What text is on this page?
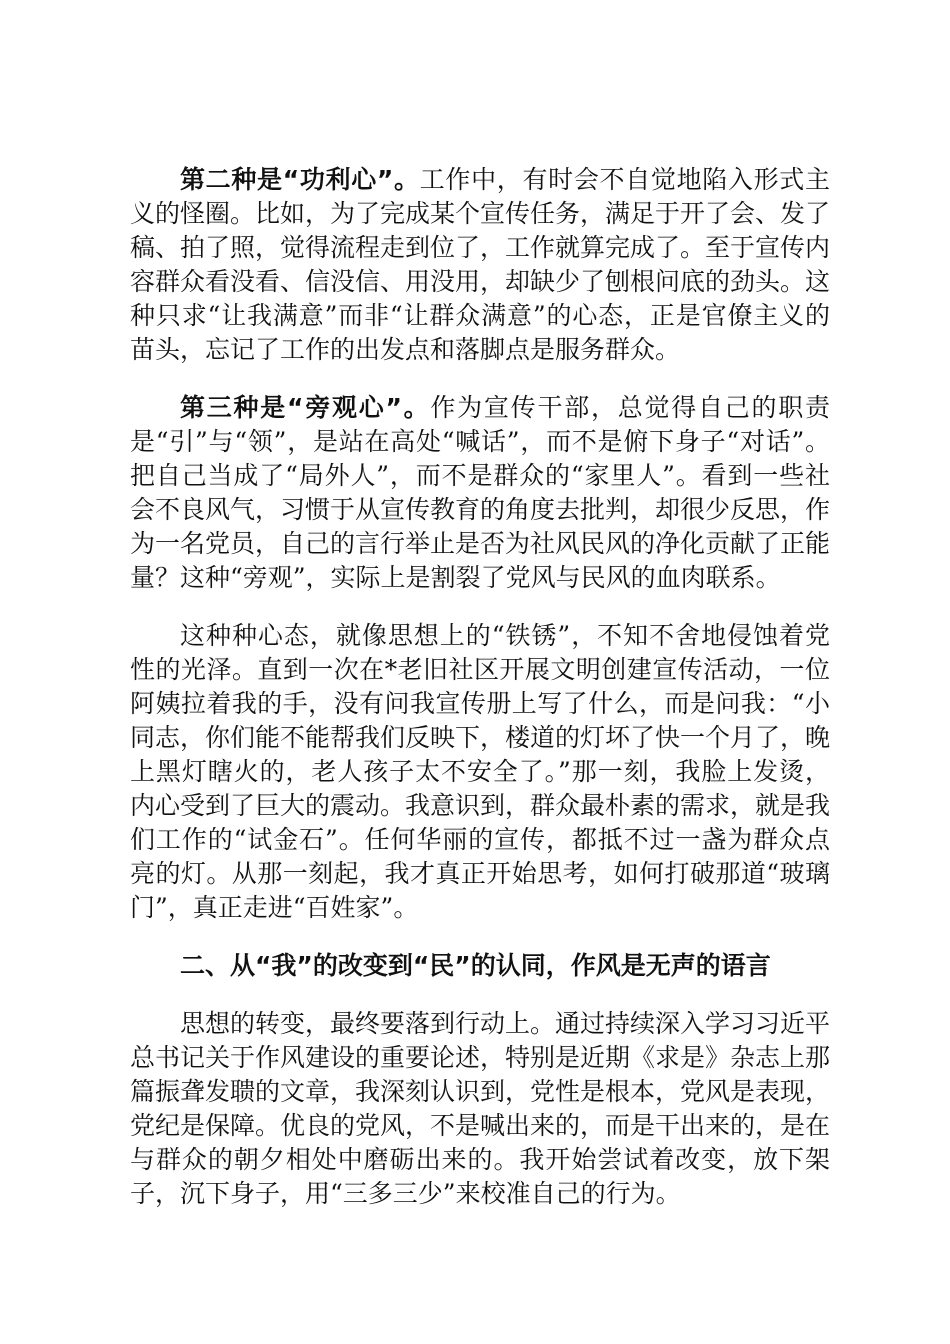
第二种是“功利心”。工作中，有时会不自觉地陷入形式主义的怪圈。比如，为了完成某个宣传任务，满足于开了会、发了稿、拍了照，觉得流程走到位了，工作就算完成了。至于宣传内容群众看没看、信没信、用没用，却缺少了刨根问底的劲头。这种只求“让我满意”而非“让群众满意”的心态，正是官僚主义的苗头，忘记了工作的出发点和落脚点是服务群众。

第三种是“旁观心”。作为宣传干部，总觉得自己的职责是“引”与“领”，是站在高处“喊话”，而不是俯下身子“对话”。把自己当成了“局外人”，而不是群众的“家里人”。看到一些社会不良风气，习惯于从宣传教育的角度去批判，却很少反思，作为一名党员，自己的言行举止是否为社风民风的净化贡献了正能量？这种“旁观”，实际上是割裂了党风与民风的血肉联系。

这种种心态，就像思想上的“铁锈”，不知不舍地侵蚀着党性的光泽。直到一次在*老旧社区开展文明创建宣传活动，一位阿姨拉着我的手，没有问我宣传册上写了什么，而是问我：“小同志，你们能不能帮我们反映下，楼道的灯坏了快一个月了，晚上黑灯瞎火的，老人孩子太不安全了。”那一刻，我脸上发烫，内心受到了巨大的震动。我意识到，群众最朴素的需求，就是我们工作的“试金石”。任何华丽的宣传，都抵不过一盏为群众点亮的灯。从那一刻起，我才真正开始思考，如何打破那道“玻璃门”，真正走进“百姓家”。

二、从“我”的改变到“民”的认同，作风是无声的语言

思想的转变，最终要落到行动上。通过持续深入学习习近平总书记关于作风建设的重要论述，特别是近期《求是》杂志上那篇振聋发聩的文章，我深刻认识到，党性是根本，党风是表现，党纪是保障。优良的党风，不是喊出来的，而是干出来的，是在与群众的朝夕相处中磨砺出来的。我开始尝试着改变，放下架子，沉下身子，用“三多三少”来校准自己的行为。
